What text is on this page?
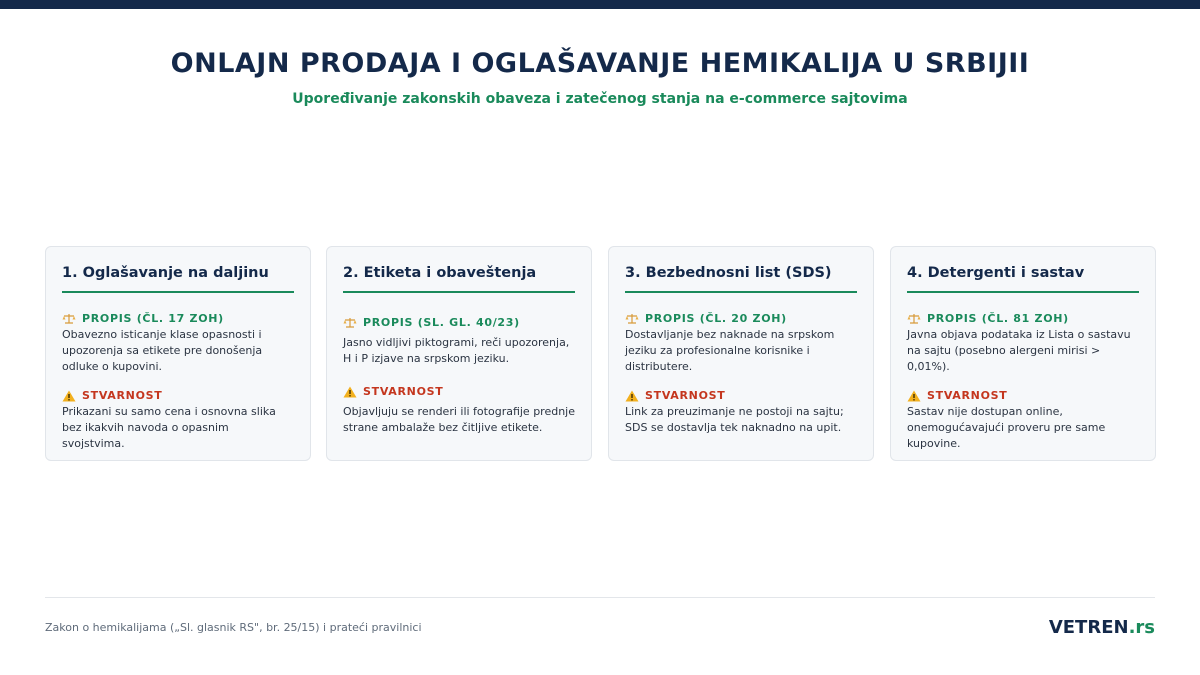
ONLAJN PRODAJA I OGLAŠAVANJE HEMIKALIJA U SRBIJII
Upoređivanje zakonskih obaveza i zatečenog stanja na e-commerce sajtovima
1. Oglašavanje na daljinu
PROPIS (ČL. 17 ZOH)
Obavezno isticanje klase opasnosti i upozorenja sa etikete pre donošenja odluke o kupovini.
STVARNOST
Prikazani su samo cena i osnovna slika bez ikakvih navoda o opasnim svojstvima.
2. Etiketa i obaveštenja
PROPIS (SL. GL. 40/23)
Jasno vidljivi piktogrami, reči upozorenja, H i P izjave na srpskom jeziku.
STVARNOST
Objavljuju se renderi ili fotografije prednje strane ambalaže bez čitljive etikete.
3. Bezbednosni list (SDS)
PROPIS (ČL. 20 ZOH)
Dostavljanje bez naknade na srpskom jeziku za profesionalne korisnike i distributere.
STVARNOST
Link za preuzimanje ne postoji na sajtu; SDS se dostavlja tek naknadno na upit.
4. Detergenti i sastav
PROPIS (ČL. 81 ZOH)
Javna objava podataka iz Lista o sastavu na sajtu (posebno alergeni mirisi > 0,01%).
STVARNOST
Sastav nije dostupan online, onemogućavajući proveru pre same kupovine.
Zakon o hemikalijama („Sl. glasnik RS", br. 25/15) i prateći pravilnici	VETREN.rs
